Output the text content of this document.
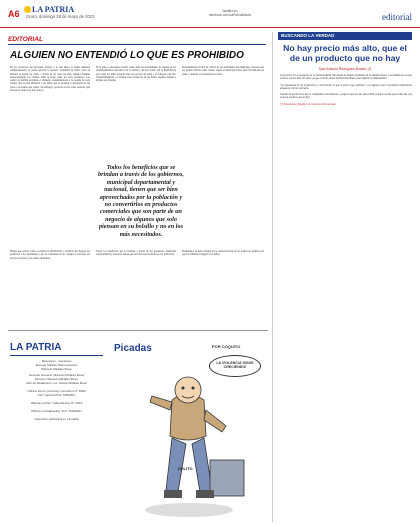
A6 LA PATRIA
Oruro, domingo 28 de mayo de 2023
lapatria.bo
facebook.com/LaPatriaBolivia	editorial
EDITORIAL
ALGUIEN NO ENTENDIÓ LO QUE ES PROHIBIDO
En los productos del desayuno escolar o lo que ahora se llama alimento complementario, se puede apreciar la leyenda "prohibida su venta", pero en Internet se puede ver cómo, a través de las redes sociales, algunas familias descaradamente los venden, tanto la leche como los otros productos. Los padres de familia reclaman el alimento complementario a la escuela de cada ciudad, que es para alimentar a los niños que se alcanzan a desayunar en sus casas o no tienen qué comer, sin embargo, aparecen en las redes sociales, que ofrecen la venta a un bajo precio.
Es la guía, el desayuno escolar, como debe ser denominado. Se reparte en los establecimientos educativos de la ciudad y del área rural, con la finalidad de que todos los niños puedan tener su porción de leche o el refrigerio del día. Lamentablemente, se venden estos productos en las ferias, algunas tiendas e incluso por Internet.
Probablemente la falta de control de las autoridades del municipio ocasiona que los padres realicen estas ventas, según el municipio hasta unas 50 unidades de leche o cereales se encuentran en venta.
Todos los beneficios que se brindan a través de los gobiernos, municipal departamental y nacional, tienen que ser bien aprovechados por la población y no convertirlos en productos comerciales que son parte de un negocio de algunos que solo piensan en su bolsillo y no en los más necesitados.
Habría que revisar cómo se realiza la distribución y verificar que lleguen los productos a los estudiantes y que se consuman en los colegios y escuelas, así evitar los abusos y las ventas indebidas.
Todos los beneficios que se brindan a través de los gobiernos, municipal departamental y nacional, tienen que ser bien aprovechados por la población.
Finalmente, se debe trabajar en la concienciación de los padres de familia para que los alimentos lleguen a los niños.
BUSCANDO LA VERDAD
No hay precio más alto, que el de un producto que no hay
Saúl Antonio Rodríguez Álvarez (*)

Los precios de los productos de la canasta familiar han subido de manera alarmante en los últimos meses. Las familias de escasos recursos son las más afectadas, porque cada día deben destinar más dinero para adquirir lo indispensable.

"La expectativa de los productores y comerciantes es que el precio siga subiendo" y en algunos casos el producto simplemente desaparece de los mercados.

Cuando un producto no hay, el consumidor está dispuesto a pagar lo que sea. De ahí el dicho popular: no hay precio más alto que el de un producto que no hay.

(*) Economista y Magíster en Comercio Internacional.

LA PATRIA
Directores - Gerentes
Enrique Miralles Bonnecarrere
Marcelo Miralles Bové
Gerente General: Marcelo Miralles Bové
Director: Marcelo Miralles Bové
Jefe de Redacción: Lic. Alvaro Miralles Bové
Oficina Oruro (Central): Camacho N° 1892
Telf. Central Pilot: 5254001
Oficina La Paz: Calle Mexico N° 1610
Oficina Cochabamba: Telf. 76190921
Impresión: Editora E.C. Limitada
Picadas	POR COQUITO
LA VIOLENCIA SIGUE CRECIENDO!
DELITO
